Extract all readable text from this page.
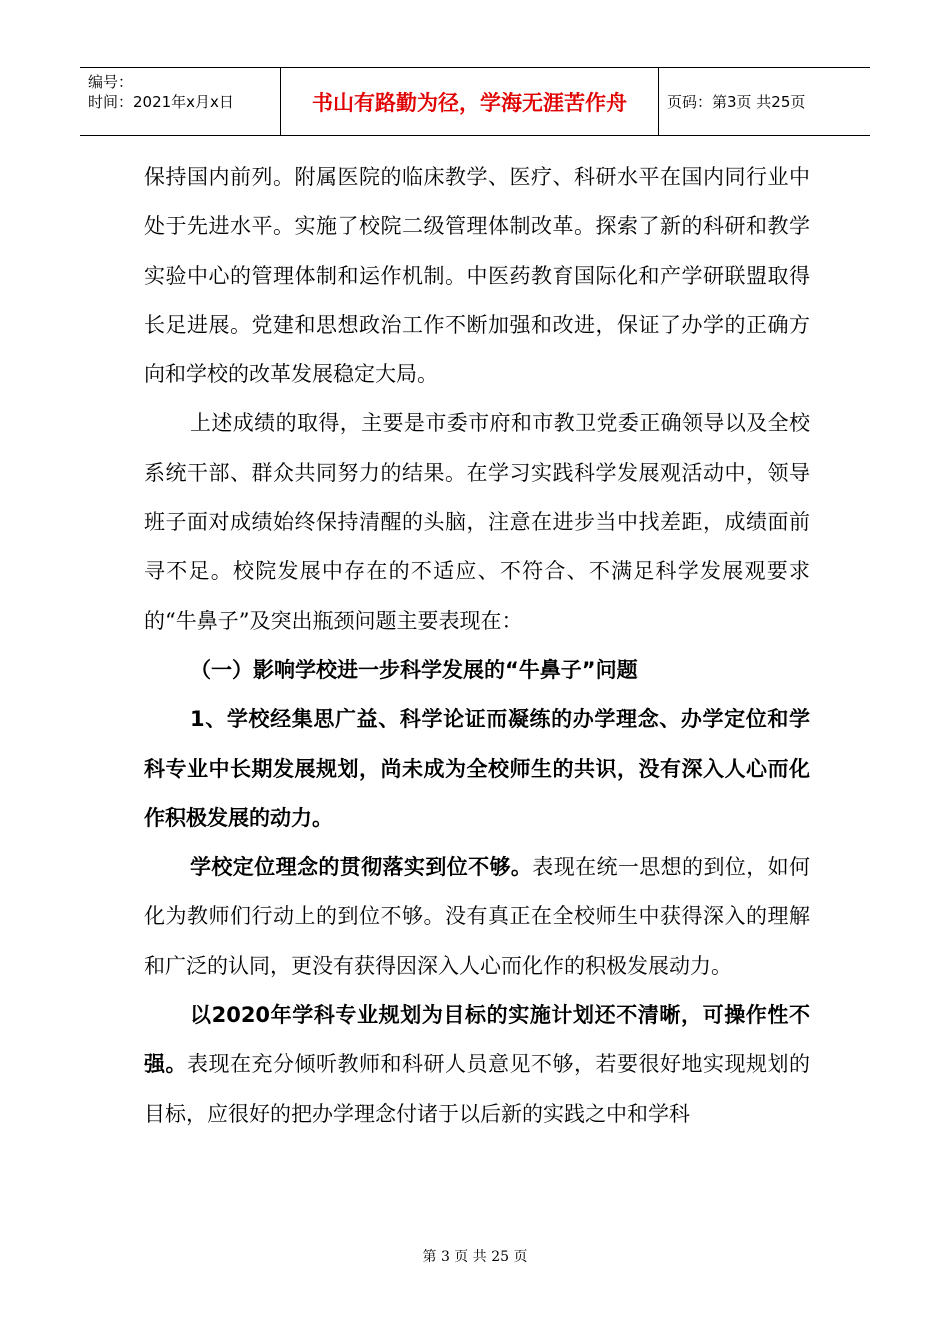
编号：
时间：2021年x月x日	书山有路勤为径，学海无涯苦作舟	页码：第3页 共25页

保持国内前列。附属医院的临床教学、医疗、科研水平在国内同行业中处于先进水平。实施了校院二级管理体制改革。探索了新的科研和教学实验中心的管理体制和运作机制。中医药教育国际化和产学研联盟取得长足进展。党建和思想政治工作不断加强和改进，保证了办学的正确方向和学校的改革发展稳定大局。

上述成绩的取得，主要是市委市府和市教卫党委正确领导以及全校系统干部、群众共同努力的结果。在学习实践科学发展观活动中，领导班子面对成绩始终保持清醒的头脑，注意在进步当中找差距，成绩面前寻不足。校院发展中存在的不适应、不符合、不满足科学发展观要求的“牛鼻子”及突出瓶颈问题主要表现在：

（一）影响学校进一步科学发展的“牛鼻子”问题

1、学校经集思广益、科学论证而凝练的办学理念、办学定位和学科专业中长期发展规划，尚未成为全校师生的共识，没有深入人心而化作积极发展的动力。

学校定位理念的贯彻落实到位不够。表现在统一思想的到位，如何化为教师们行动上的到位不够。没有真正在全校师生中获得深入的理解和广泛的认同，更没有获得因深入人心而化作的积极发展动力。

以2020年学科专业规划为目标的实施计划还不清晰，可操作性不强。表现在充分倾听教师和科研人员意见不够，若要很好地实现规划的目标，应很好的把办学理念付诸于以后新的实践之中和学科

第 3 页 共 25 页
